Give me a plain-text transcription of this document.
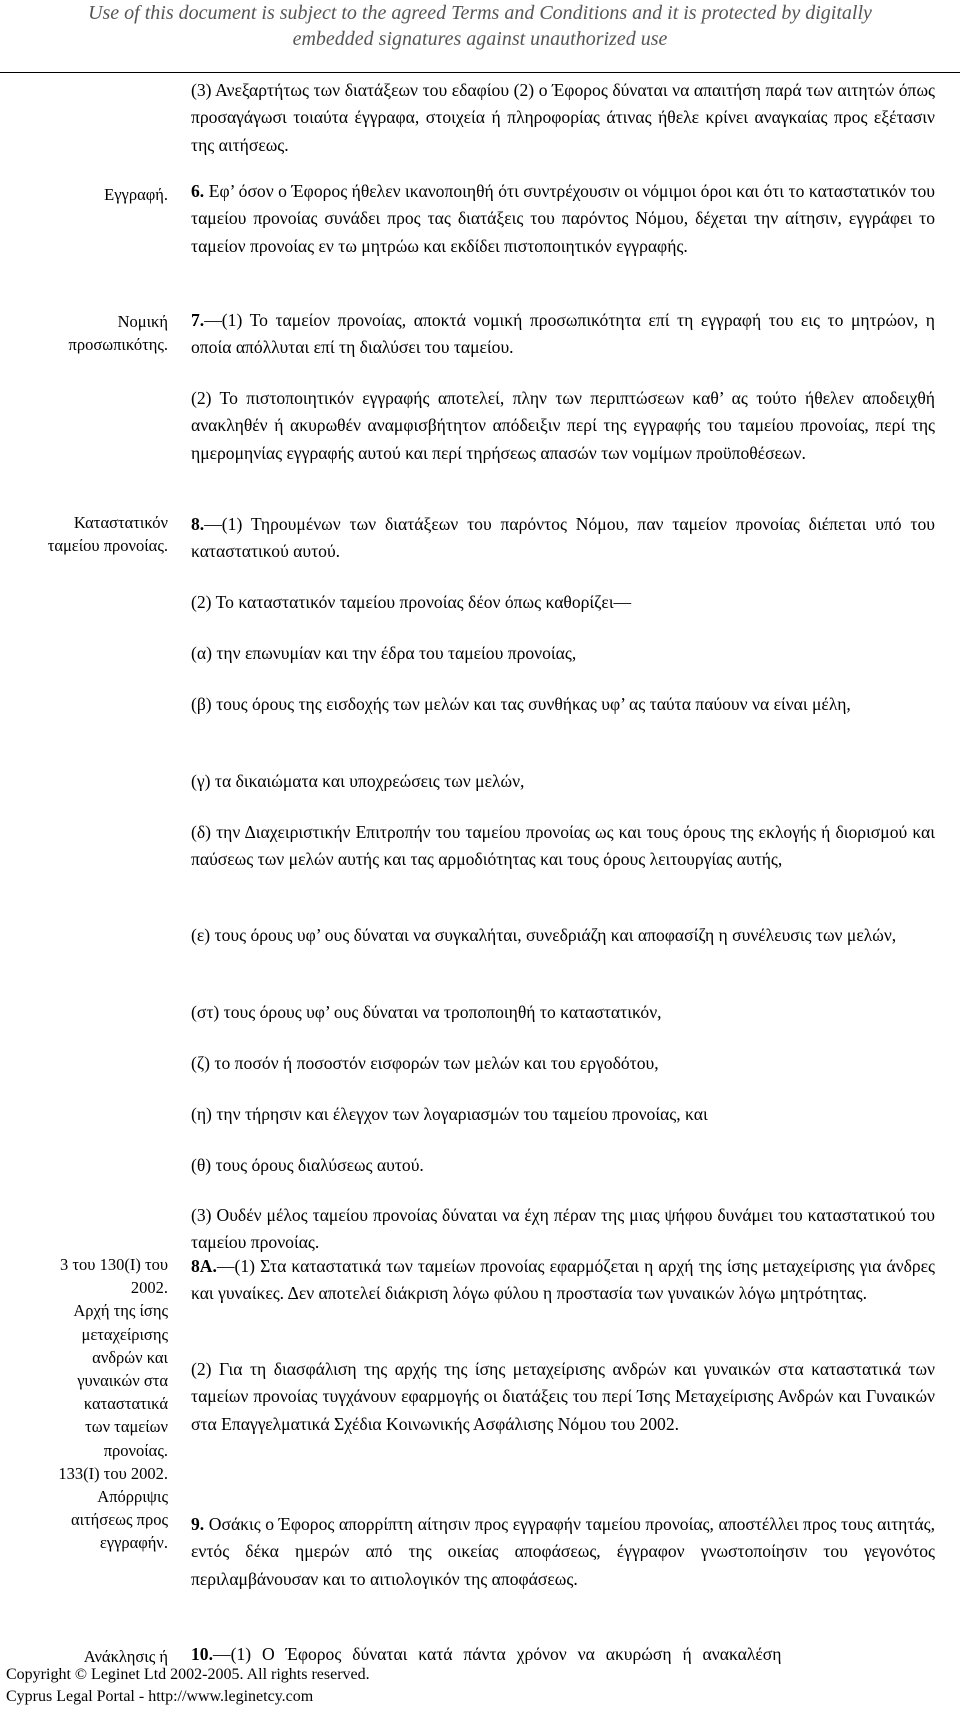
Use of this document is subject to the agreed Terms and Conditions and it is protected by digitally
embedded signatures against unauthorized use
Εγγραφή.
Νομική
προσωπικότης.
Καταστατικόν
ταμείου προνοίας.
3 του 130(Ι) του
2002.
Αρχή της ίσης
μεταχείρισης
ανδρών και
γυναικών στα
καταστατικά
των ταμείων
προνοίας.
133(Ι) του 2002.
Απόρριψις
αιτήσεως προς
εγγραφήν.
Ανάκλησις ή
(3) Ανεξαρτήτως των διατάξεων του εδαφίου (2) ο Έφορος δύναται να απαιτήση παρά των αιτητών όπως προσαγάγωσι τοιαύτα έγγραφα, στοιχεία ή πληροφορίας άτινας ήθελε κρίνει αναγκαίας προς εξέτασιν της αιτήσεως.
6. Εφ’ όσον ο Έφορος ήθελεν ικανοποιηθή ότι συντρέχουσιν οι νόμιμοι όροι και ότι το καταστατικόν του ταμείου προνοίας συνάδει προς τας διατάξεις του παρόντος Νόμου, δέχεται την αίτησιν, εγγράφει το ταμείον προνοίας εν τω μητρώω και εκδίδει πιστοποιητικόν εγγραφής.
7.—(1) Το ταμείον προνοίας, αποκτά νομική προσωπικότητα επί τη εγγραφή του εις το μητρώον, η οποία απόλλυται επί τη διαλύσει του ταμείου.
(2) Το πιστοποιητικόν εγγραφής αποτελεί, πλην των περιπτώσεων καθ’ ας τούτο ήθελεν αποδειχθή ανακληθέν ή ακυρωθέν αναμφισβήτητον απόδειξιν περί της εγγραφής του ταμείου προνοίας, περί της ημερομηνίας εγγραφής αυτού και περί τηρήσεως απασών των νομίμων προϋποθέσεων.
8.—(1) Τηρουμένων των διατάξεων του παρόντος Νόμου, παν ταμείον προνοίας διέπεται υπό του καταστατικού αυτού.
(2) Το καταστατικόν ταμείου προνοίας δέον όπως καθορίζει—
(α) την επωνυμίαν και την έδρα του ταμείου προνοίας,
(β) τους όρους της εισδοχής των μελών και τας συνθήκας υφ’ ας ταύτα παύουν να είναι μέλη,
(γ) τα δικαιώματα και υποχρεώσεις των μελών,
(δ) την Διαχειριστικήν Επιτροπήν του ταμείου προνοίας ως και τους όρους της εκλογής ή διορισμού και παύσεως των μελών αυτής και τας αρμοδιότητας και τους όρους λειτουργίας αυτής,
(ε) τους όρους υφ’ ους δύναται να συγκαλήται, συνεδριάζη και αποφασίζη η συνέλευσις των μελών,
(στ) τους όρους υφ’ ους δύναται να τροποποιηθή το καταστατικόν,
(ζ) το ποσόν ή ποσοστόν εισφορών των μελών και του εργοδότου,
(η) την τήρησιν και έλεγχον των λογαριασμών του ταμείου προνοίας, και
(θ) τους όρους διαλύσεως αυτού.
(3) Ουδέν μέλος ταμείου προνοίας δύναται να έχη πέραν της μιας ψήφου δυνάμει του καταστατικού του ταμείου προνοίας.
8Α.—(1) Στα καταστατικά των ταμείων προνοίας εφαρμόζεται η αρχή της ίσης μεταχείρισης για άνδρες και γυναίκες. Δεν αποτελεί διάκριση λόγω φύλου η προστασία των γυναικών λόγω μητρότητας.
(2) Για τη διασφάλιση της αρχής της ίσης μεταχείρισης ανδρών και γυναικών στα καταστατικά των ταμείων προνοίας τυγχάνουν εφαρμογής οι διατάξεις του περί Ίσης Μεταχείρισης Ανδρών και Γυναικών στα Επαγγελματικά Σχέδια Κοινωνικής Ασφάλισης Νόμου του 2002.
9. Οσάκις ο Έφορος απορρίπτη αίτησιν προς εγγραφήν ταμείου προνοίας, αποστέλλει προς τους αιτητάς, εντός δέκα ημερών από της οικείας αποφάσεως, έγγραφον γνωστοποίησιν του γεγονότος περιλαμβάνουσαν και το αιτιολογικόν της αποφάσεως.
10.—(1) Ο Έφορος δύναται κατά πάντα χρόνον να ακυρώση ή ανακαλέση
Copyright © Leginet Ltd 2002-2005. All rights reserved.
Cyprus Legal Portal - http://www.leginetcy.com
